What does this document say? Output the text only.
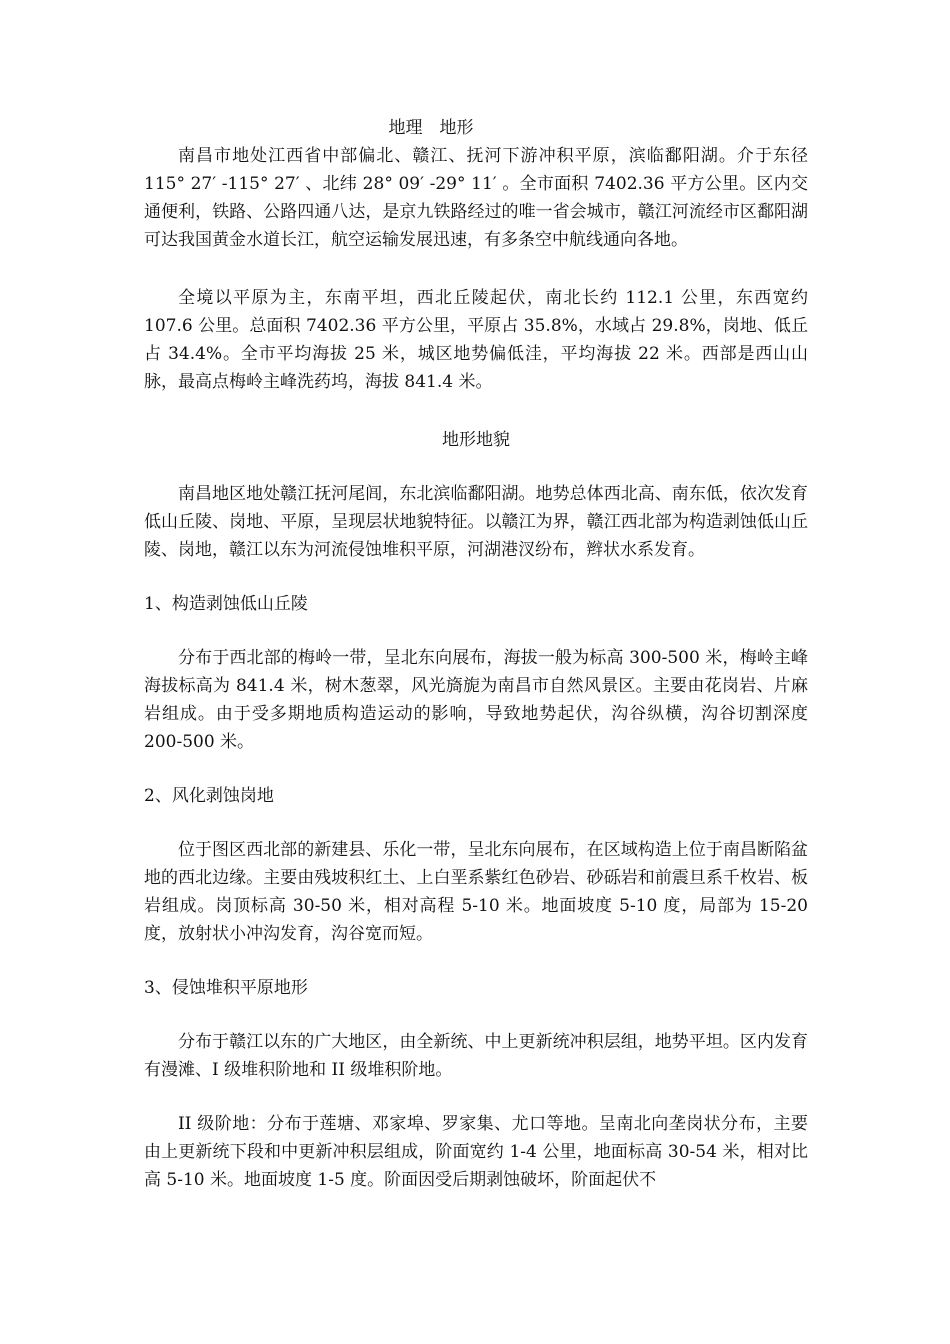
地理　地形

南昌市地处江西省中部偏北、赣江、抚河下游冲积平原，滨临鄱阳湖。介于东径 115° 27′ -115° 27′ 、北纬 28° 09′ -29° 11′ 。全市面积 7402.36 平方公里。区内交通便利，铁路、公路四通八达，是京九铁路经过的唯一省会城市，赣江河流经市区鄱阳湖可达我国黄金水道长江，航空运输发展迅速，有多条空中航线通向各地。

全境以平原为主，东南平坦，西北丘陵起伏，南北长约 112.1 公里，东西宽约 107.6 公里。总面积 7402.36 平方公里，平原占 35.8%，水域占 29.8%，岗地、低丘占 34.4%。全市平均海拔 25 米，城区地势偏低洼，平均海拔 22 米。西部是西山山脉，最高点梅岭主峰洗药坞，海拔 841.4 米。

地形地貌

南昌地区地处赣江抚河尾闾，东北滨临鄱阳湖。地势总体西北高、南东低，依次发育低山丘陵、岗地、平原，呈现层状地貌特征。以赣江为界，赣江西北部为构造剥蚀低山丘陵、岗地，赣江以东为河流侵蚀堆积平原，河湖港汊纷布，辫状水系发育。

1、构造剥蚀低山丘陵

分布于西北部的梅岭一带，呈北东向展布，海拔一般为标高 300-500 米，梅岭主峰海拔标高为 841.4 米，树木葱翠，风光旖旎为南昌市自然风景区。主要由花岗岩、片麻岩组成。由于受多期地质构造运动的影响，导致地势起伏，沟谷纵横，沟谷切割深度 200-500 米。

2、风化剥蚀岗地

位于图区西北部的新建县、乐化一带，呈北东向展布，在区域构造上位于南昌断陷盆地的西北边缘。主要由残坡积红土、上白垩系紫红色砂岩、砂砾岩和前震旦系千枚岩、板岩组成。岗顶标高 30-50 米，相对高程 5-10 米。地面坡度 5-10 度，局部为 15-20 度，放射状小冲沟发育，沟谷宽而短。

3、侵蚀堆积平原地形

分布于赣江以东的广大地区，由全新统、中上更新统冲积层组，地势平坦。区内发育有漫滩、I 级堆积阶地和 II 级堆积阶地。

II 级阶地：分布于莲塘、邓家埠、罗家集、尤口等地。呈南北向垄岗状分布，主要由上更新统下段和中更新冲积层组成，阶面宽约 1-4 公里，地面标高 30-54 米，相对比高 5-10 米。地面坡度 1-5 度。阶面因受后期剥蚀破坏，阶面起伏不
